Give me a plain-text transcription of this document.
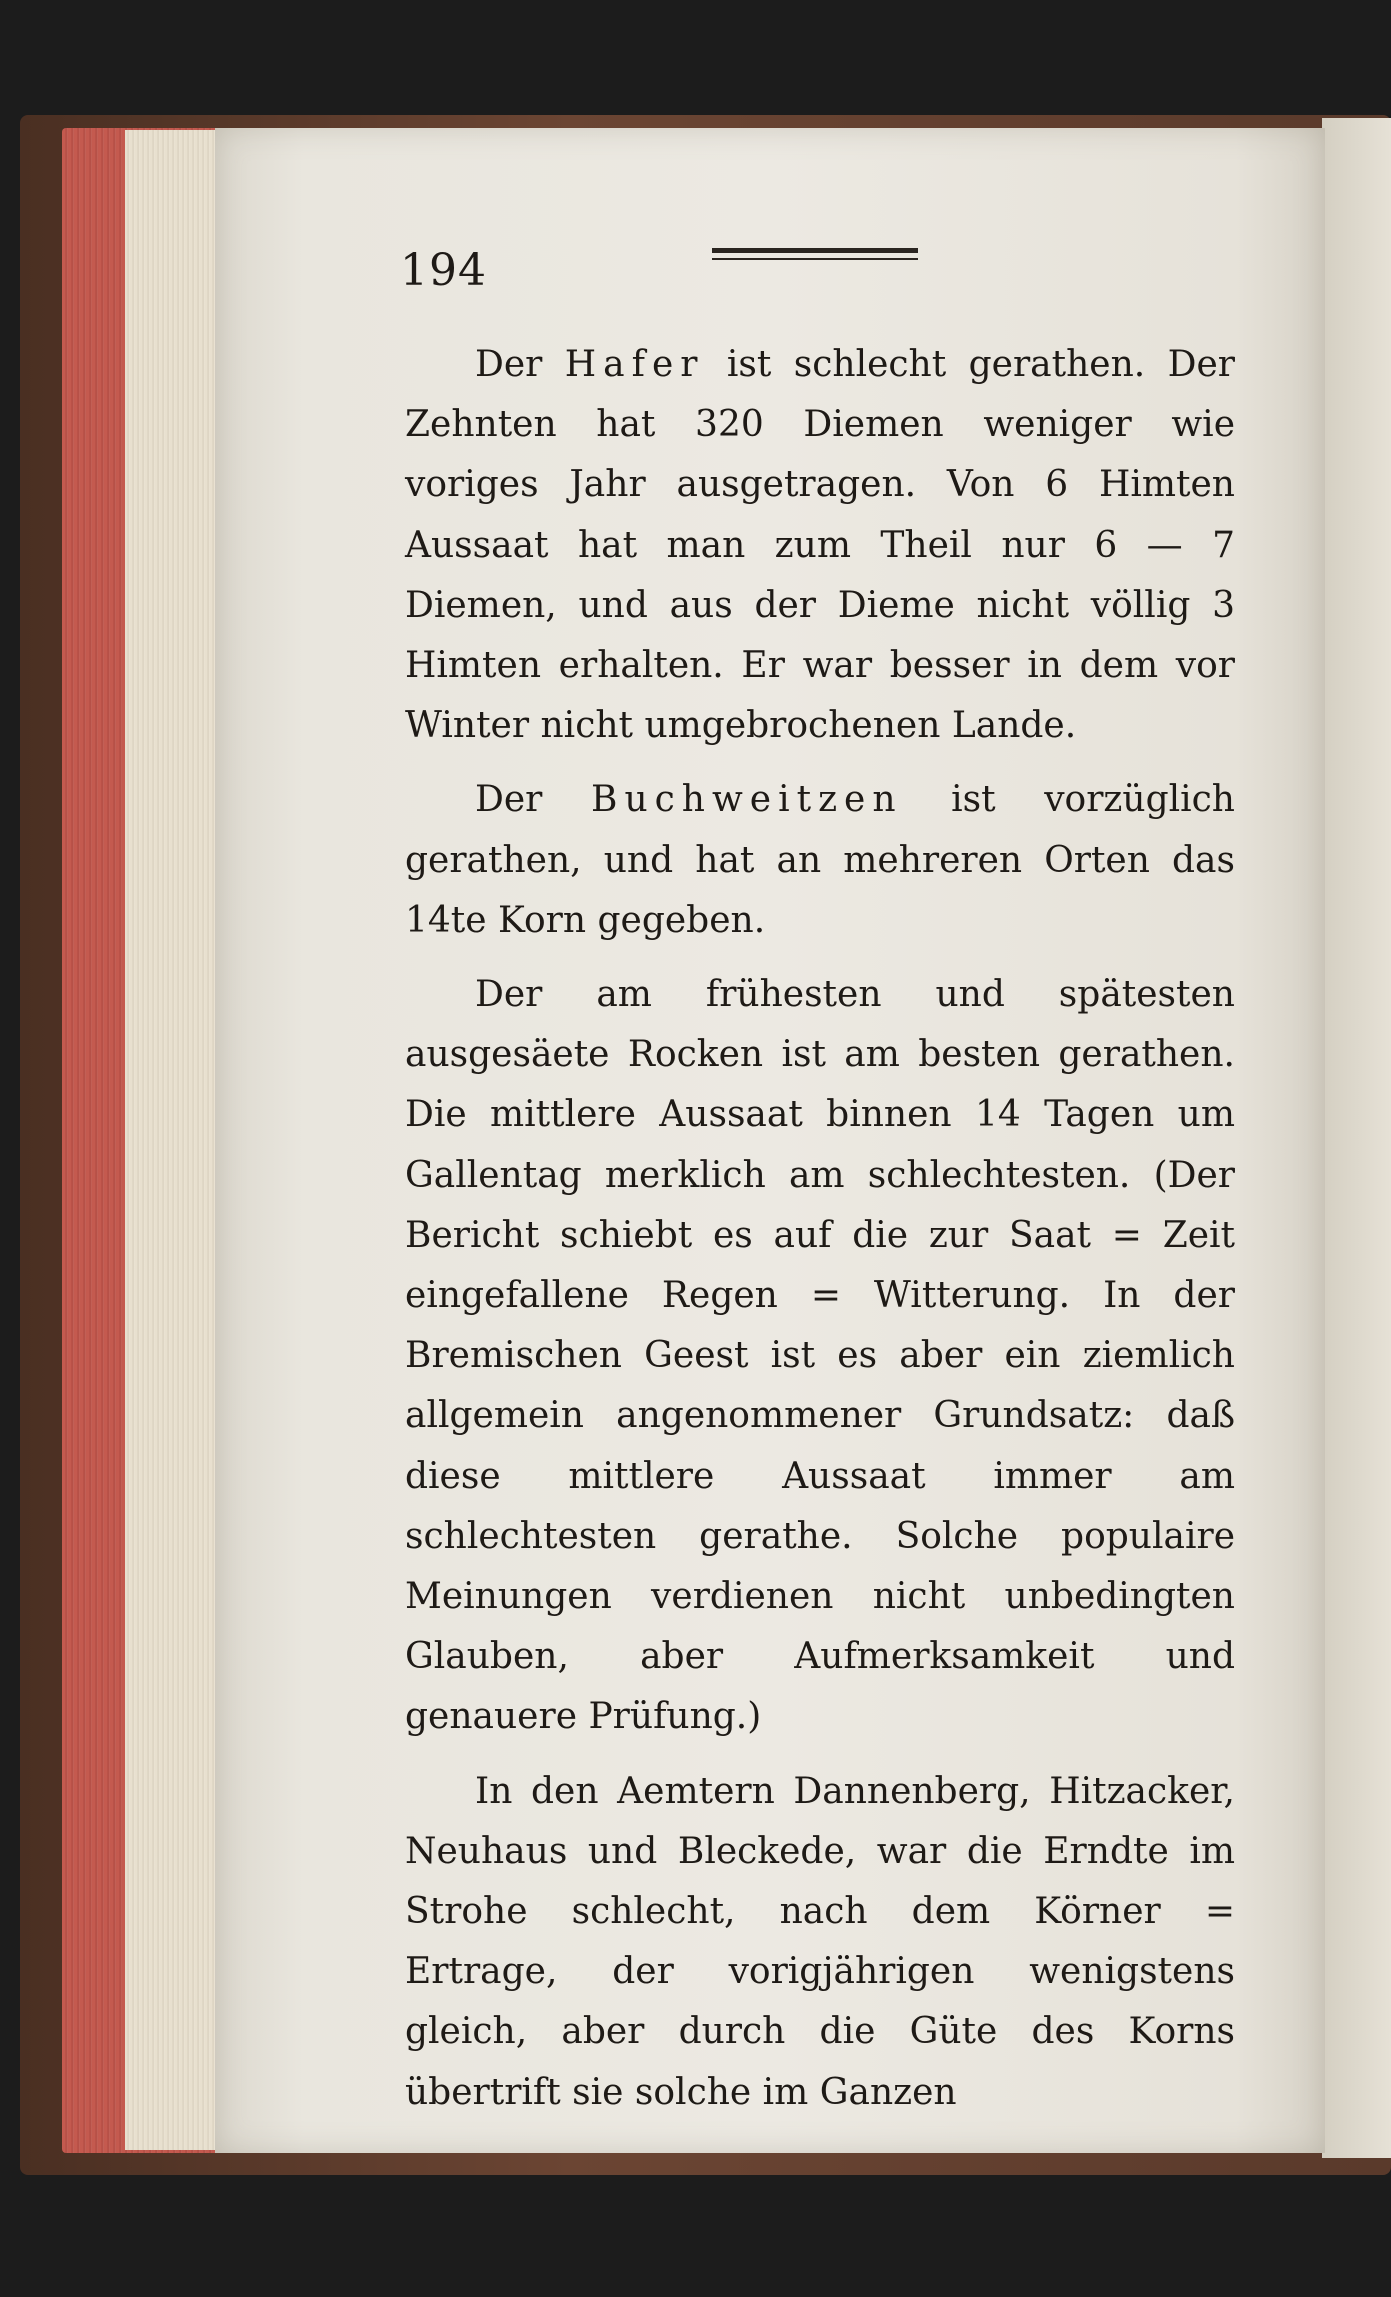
194

Der Hafer ist schlecht gerathen. Der Zehnten hat 320 Diemen weniger wie voriges Jahr ausgetragen. Von 6 Himten Aussaat hat man zum Theil nur 6 — 7 Diemen, und aus der Dieme nicht völlig 3 Himten erhalten. Er war besser in dem vor Winter nicht umgebrochenen Lande.

Der Buchweitzen ist vorzüglich gerathen, und hat an mehreren Orten das 14te Korn gegeben.

Der am frühesten und spätesten ausgesäete Rocken ist am besten gerathen. Die mittlere Aussaat binnen 14 Tagen um Gallentag merklich am schlechtesten. (Der Bericht schiebt es auf die zur Saat = Zeit eingefallene Regen = Witterung. In der Bremischen Geest ist es aber ein ziemlich allgemein angenommener Grundsatz: daß diese mittlere Aussaat immer am schlechtesten gerathe. Solche populaire Meinungen verdienen nicht unbedingten Glauben, aber Aufmerksamkeit und genauere Prüfung.)

In den Aemtern Dannenberg, Hitzacker, Neuhaus und Bleckede, war die Erndte im Strohe schlecht, nach dem Körner = Ertrage, der vorigjährigen wenigstens gleich, aber durch die Güte des Korns übertrift sie solche im Ganzen
